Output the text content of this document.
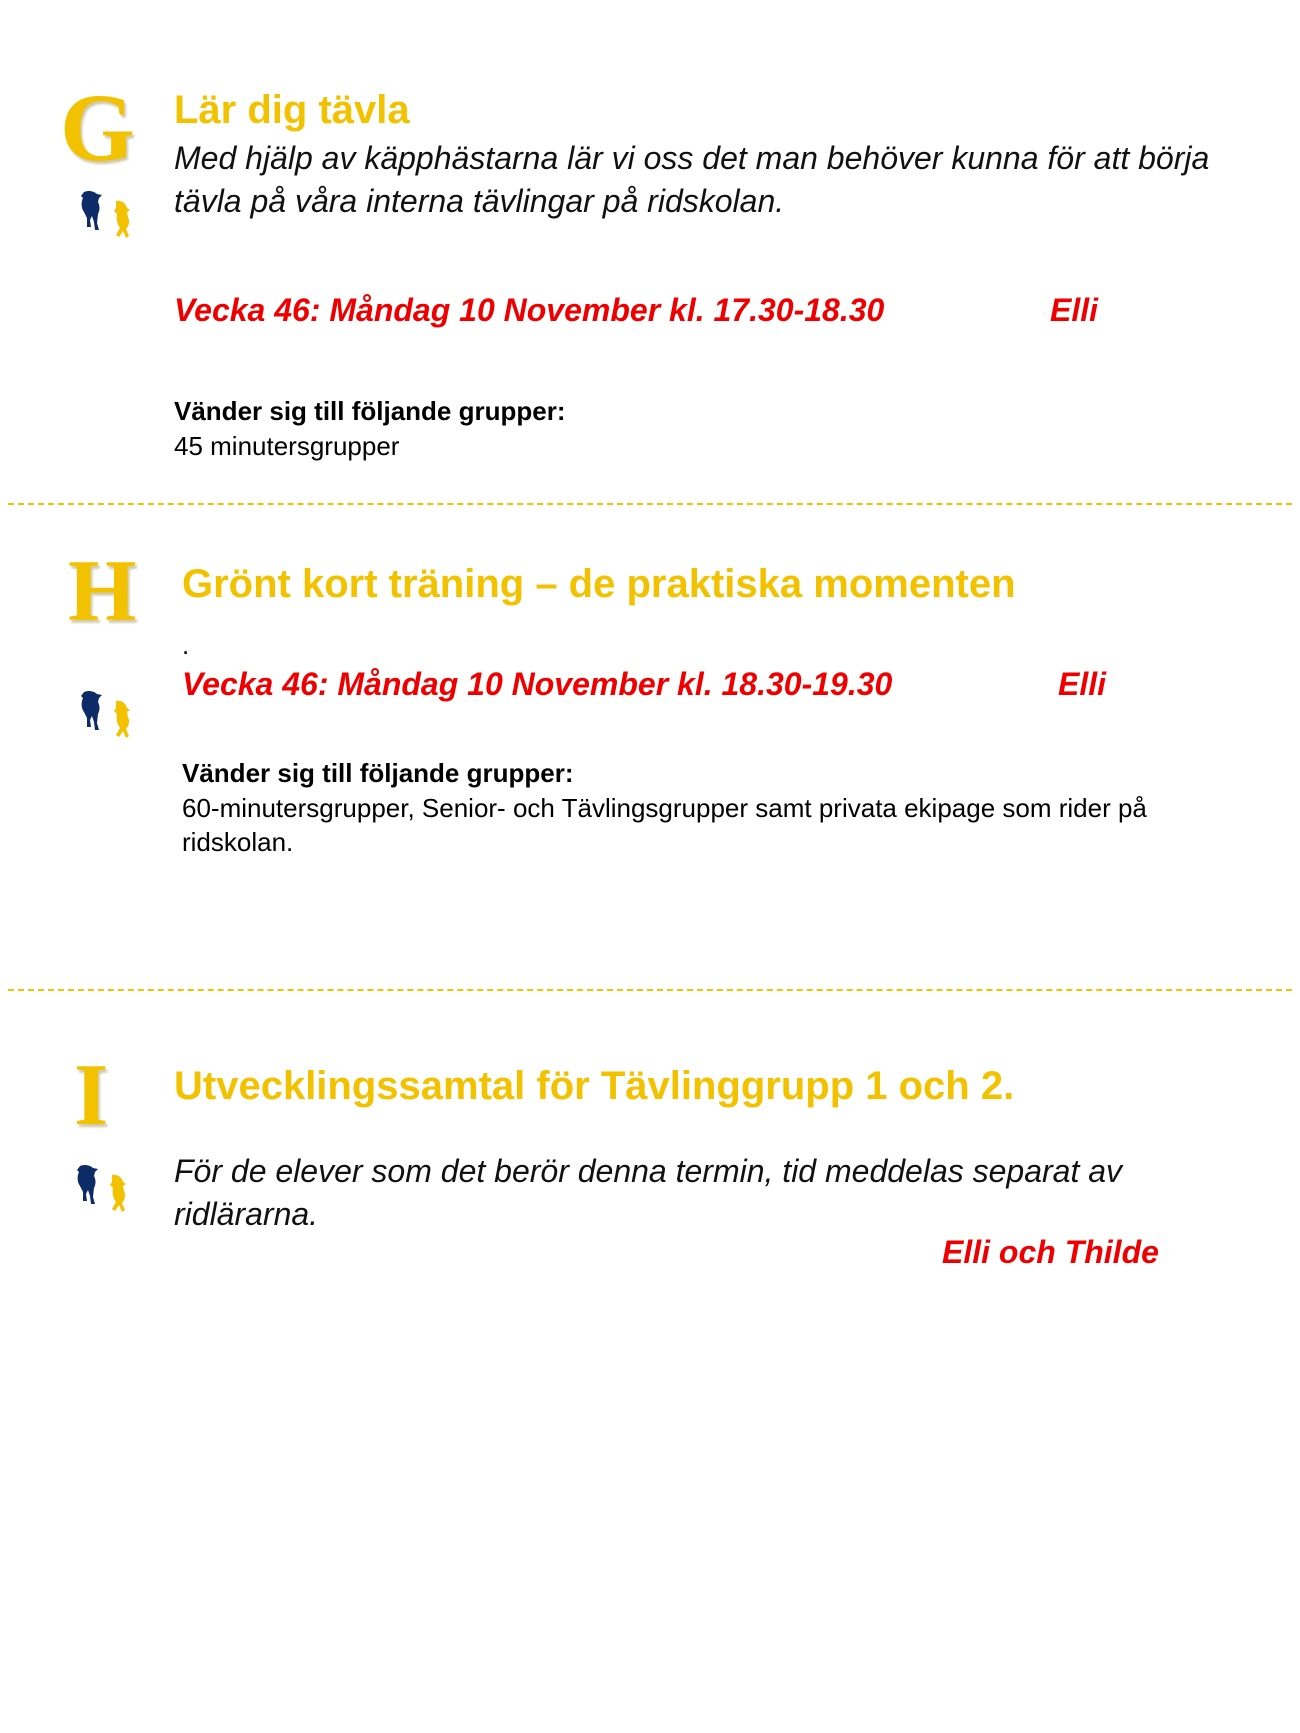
G Lär dig tävla
Med hjälp av käpphästarna lär vi oss det man behöver kunna för att börja tävla på våra interna tävlingar på ridskolan.
Vecka 46: Måndag 10 November kl. 17.30-18.30	Elli
Vänder sig till följande grupper:
45 minutersgrupper
H Grönt kort träning – de praktiska momenten
.
Vecka 46: Måndag 10 November kl. 18.30-19.30	Elli
Vänder sig till följande grupper:
60-minutersgrupper, Senior- och Tävlingsgrupper samt privata ekipage som rider på ridskolan.
I Utvecklingssamtal för Tävlinggrupp 1 och 2.
För de elever som det berör denna termin, tid meddelas separat av ridlärarna.
Elli och Thilde
